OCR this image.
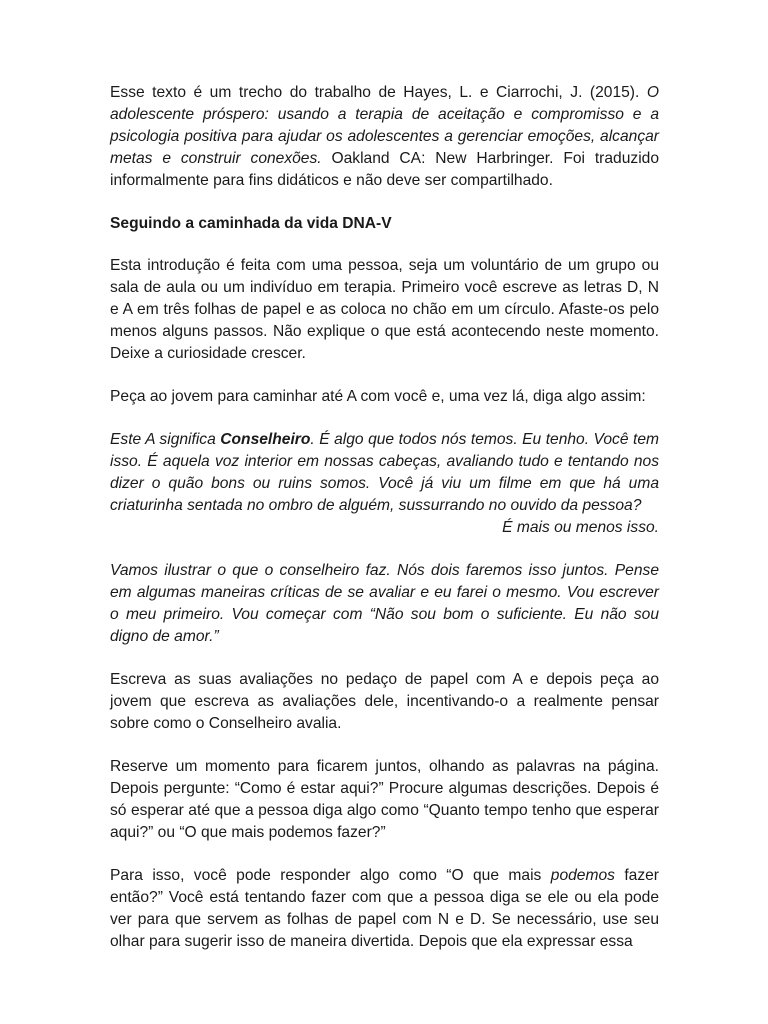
Esse texto é um trecho do trabalho de Hayes, L. e Ciarrochi, J. (2015). O adolescente próspero: usando a terapia de aceitação e compromisso e a psicologia positiva para ajudar os adolescentes a gerenciar emoções, alcançar metas e construir conexões. Oakland CA: New Harbringer. Foi traduzido informalmente para fins didáticos e não deve ser compartilhado.

Seguindo a caminhada da vida DNA-V

Esta introdução é feita com uma pessoa, seja um voluntário de um grupo ou sala de aula ou um indivíduo em terapia. Primeiro você escreve as letras D, N e A em três folhas de papel e as coloca no chão em um círculo. Afaste-os pelo menos alguns passos. Não explique o que está acontecendo neste momento. Deixe a curiosidade crescer.

Peça ao jovem para caminhar até A com você e, uma vez lá, diga algo assim:

Este A significa Conselheiro. É algo que todos nós temos. Eu tenho. Você tem isso. É aquela voz interior em nossas cabeças, avaliando tudo e tentando nos dizer o quão bons ou ruins somos. Você já viu um filme em que há uma criaturinha sentada no ombro de alguém, sussurrando no ouvido da pessoa?
É mais ou menos isso.

Vamos ilustrar o que o conselheiro faz. Nós dois faremos isso juntos. Pense em algumas maneiras críticas de se avaliar e eu farei o mesmo. Vou escrever o meu primeiro. Vou começar com “Não sou bom o suficiente. Eu não sou digno de amor.”

Escreva as suas avaliações no pedaço de papel com A e depois peça ao jovem que escreva as avaliações dele, incentivando-o a realmente pensar sobre como o Conselheiro avalia.

Reserve um momento para ficarem juntos, olhando as palavras na página. Depois pergunte: “Como é estar aqui?” Procure algumas descrições. Depois é só esperar até que a pessoa diga algo como “Quanto tempo tenho que esperar aqui?” ou “O que mais podemos fazer?”

Para isso, você pode responder algo como “O que mais podemos fazer então?” Você está tentando fazer com que a pessoa diga se ele ou ela pode ver para que servem as folhas de papel com N e D. Se necessário, use seu olhar para sugerir isso de maneira divertida. Depois que ela expressar essa
